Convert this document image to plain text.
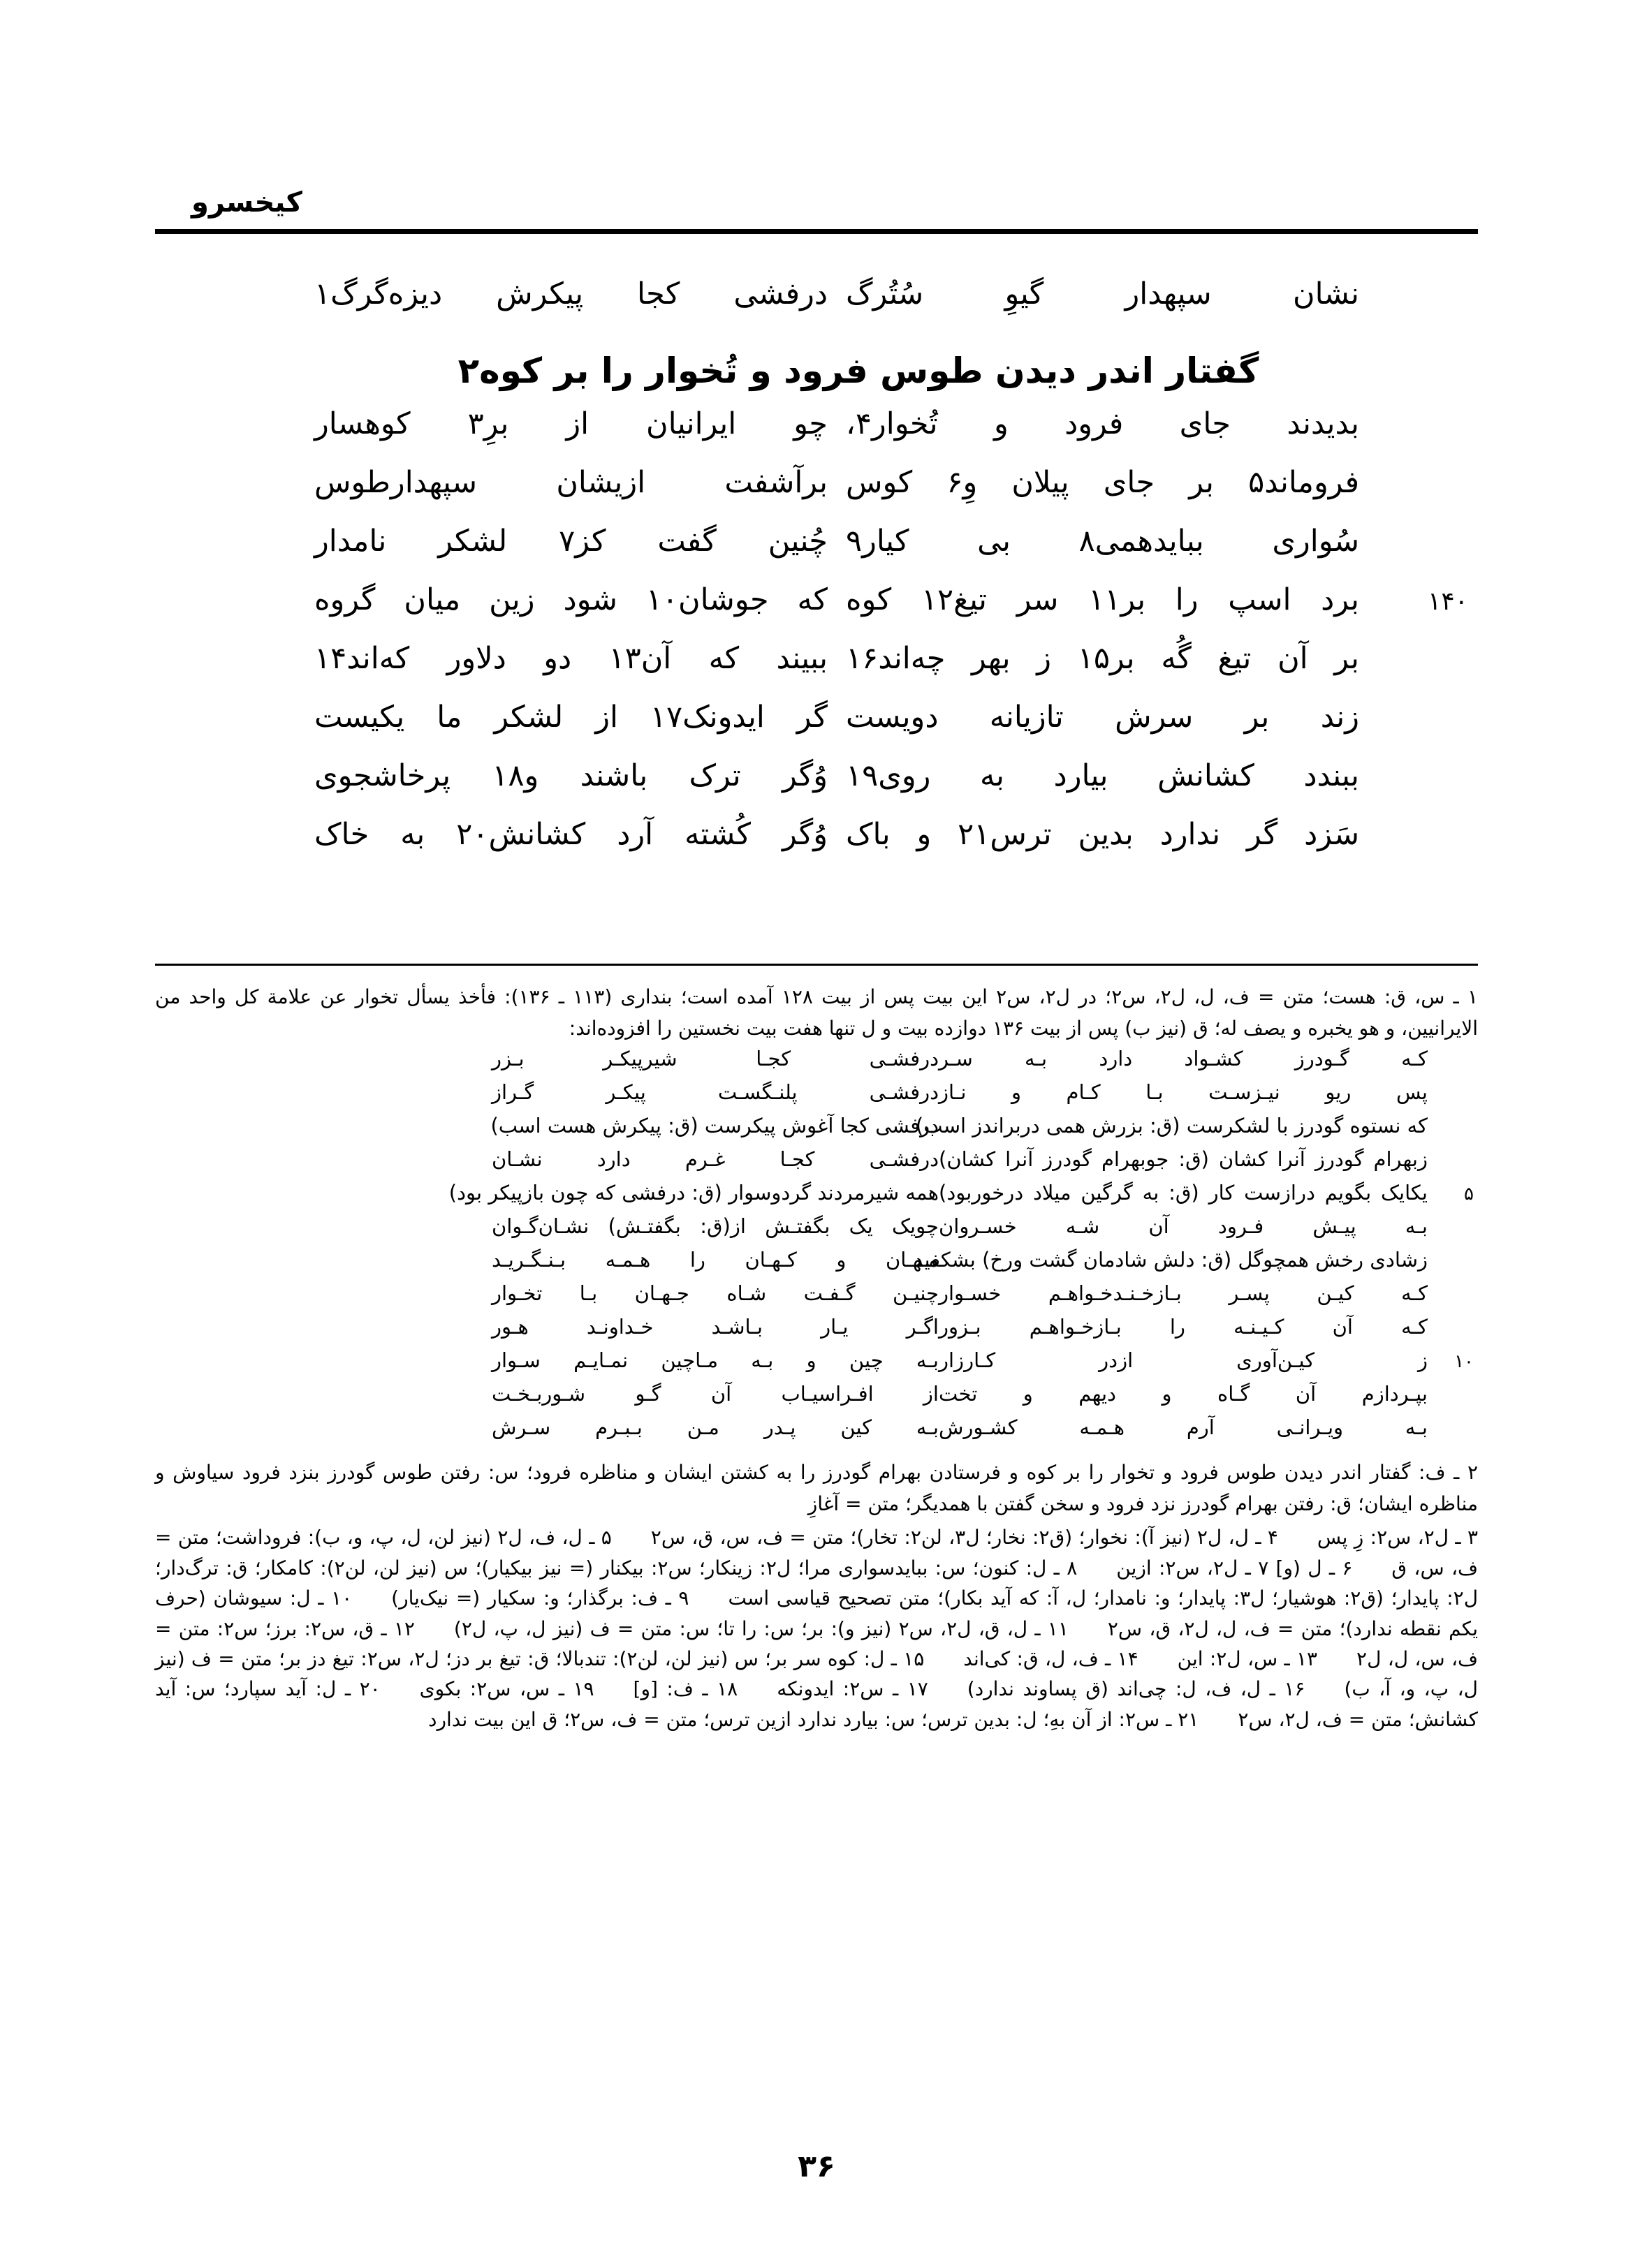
کیخسرو
نشان سپهدار گیوِ سُتُرگ
درفشی کجا پیکرش دیزه‌گرگ۱
گفتار اندر دیدن طوس فرود و تُخوار را بر کوه۲
بدیدند جای فرود و تُخوار۴،
چو ایرانیان از برِ۳ کوهسار
فروماند۵ بر جای پیلان وِ۶ کوس
برآشفت ازیشان سپهدارطوس
سُواری ببایدهمی۸ بی کیار۹
چُنین گفت کز۷ لشکر نامدار
۱۴۰
برد اسپ را بر۱۱ سر تیغ۱۲ کوه
که جوشان۱۰ شود زین میان گروه
بر آن تیغ گُه بر۱۵ ز بهر چه‌اند۱۶
ببیند که آن۱۳ دو دلاور که‌اند۱۴
زند بر سرش تازیانه دویست
گر ایدونک۱۷ از لشکر ما یکیست
ببندد کشانش بیارد به روی۱۹
وُگر ترک باشند و۱۸ پرخاشجوی
سَزد گر ندارد بدین ترس۲۱ و باک
وُگر کُشته آرد کشانش۲۰ به خاک
۱ ـ س، ق: هست؛ متن = ف، ل، ل٢، س٢؛ در ل٢، س٢ این بیت پس از بیت ۱۲۸ آمده است؛ بنداری (۱۱۳ ـ ۱۳۶): فأخذ یسأل تخوار عن علامة کل واحد من الایرانیین، و هو یخبره و یصف له؛ ق (نیز ب) پس از بیت ۱۳۶ دوازده بیت و ل تنها هفت بیت نخستین را افزوده‌اند:
کـه گـودرز کشـواد دارد بـه سـر
درفشـی کجـا شیرپیکـر بـزر
پس ریو نیـزسـت بـا کـام و نـاز
درفشـی پلنـگسـت پیکـر گـراز
که نستوه گودرز با لشکرست (ق: بزرش همی دربراندز اسب)
درفشی کجا آغوش پیکرست (ق: پیکرش هست اسب)
زبهرام گودرز آنرا کشان (ق: جوبهرام گودرز آنرا کشان)
درفشـی کجـا غـرم دارد نشـان
۵
یکایک بگویم درازست کار (ق: به گرگین میلاد درخوربود)
همه شیرمردند گردوسوار (ق: درفشی که چون بازپیکر بود)
بـه پیـش فـرود آن شـه خسـروان
چویک یک بگفتـش از(ق: بگفتـش) نشـان‌گـوان
زشادی رخش همچوگل (ق: دلش شادمان گشت ورخ) بشکفید
مـهـان و کـهـان را هـمـه بـنـگـریـد
کـه کیـن پسـر بـازخـنـدخـواهـم خسـوار
چنیـن گـفـت شـاه جـهـان بـا تخـوار
کـه آن کـیـنـه را بـازخـواهـم بـزور
اگـر یـار بـاشـد خـداونـد هـور
۱۰
ز کیـن‌آوری ازدر کـارزار
بـه چین و بـه مـاچین نمـایـم سـوار
بپـردازم آن گـاه و دیهم و تخت
از افـراسیـاب آن گـو شـوربـخـت
بـه ویـرانـی آرم هـمـه کشـورش
بـه کین پـدر مـن بـبـرم سـرش
۲ ـ ف: گفتار اندر دیدن طوس فرود و تخوار را بر کوه و فرستادن بهرام گودرز را به کشتن ایشان و مناظره فرود؛ س: رفتن طوس گودرز بنزد فرود سیاوش و مناظره ایشان؛ ق: رفتن بهرام گودرز نزد فرود و سخن گفتن با همدیگر؛ متن = آغازِ
۳ ـ ل٢، س٢: زِ پس  ۴ ـ ل، ل٢ (نیز آ): نخوار؛ (ق٢: نخار؛ ل٣، لن٢: تخار)؛ متن = ف، س، ق، س٢  ۵ ـ ل، ف، ل٢ (نیز لن، ل، پ، و، ب): فروداشت؛ متن = ف، س، ق  ۶ ـ ل (و] ۷ ـ ل٢، س٢: ازین  ۸ ـ ل: کنون؛ س: ببایدسواری مرا؛ ل٢: زینکار؛ س٢: بیکنار (= نیز بیکیار)؛ س (نیز لن، لن٢): کامکار؛ ق: ترگ‌دار؛ ل٢: پایدار؛ (ق٢: هوشیار؛ ل٣: پایدار؛ و: نامدار؛ ل، آ: که آید بکار)؛ متن تصحیح قیاسی است  ۹ ـ ف: برگذار؛ و: سکیار (= نیک‌یار)  ۱۰ ـ ل: سیوشان (حرف یکم نقطه ندارد)؛ متن = ف، ل، ل٢، ق، س٢  ۱۱ ـ ل، ق، ل٢، س٢ (نیز و): بر؛ س: را تا؛ س: متن = ف (نیز ل، پ، ل٢)  ۱۲ ـ ق، س٢: برز؛ س٢: متن = ف، س، ل، ل٢  ۱۳ ـ س، ل٢: این  ۱۴ ـ ف، ل، ق: کی‌اند  ۱۵ ـ ل: کوه سر بر؛ س (نیز لن، لن٢): تندبالا؛ ق: تیغ بر دز؛ ل٢، س٢: تیغ دز بر؛ متن = ف (نیز ل، پ، و، آ، ب)  ۱۶ ـ ل، ف، ل: چی‌اند (ق پساوند ندارد)  ۱۷ ـ س٢: ایدونکه  ۱۸ ـ ف: [و]  ۱۹ ـ س، س٢: بکوی  ۲۰ ـ ل: آید سپارد؛ س: آید کشانش؛ متن = ف، ل٢، س٢  ۲۱ ـ س٢: از آن بهِ؛ ل: بدین ترس؛ س: بیارد ندارد ازین ترس؛ متن = ف، س٢؛ ق این بیت ندارد
۳۶
